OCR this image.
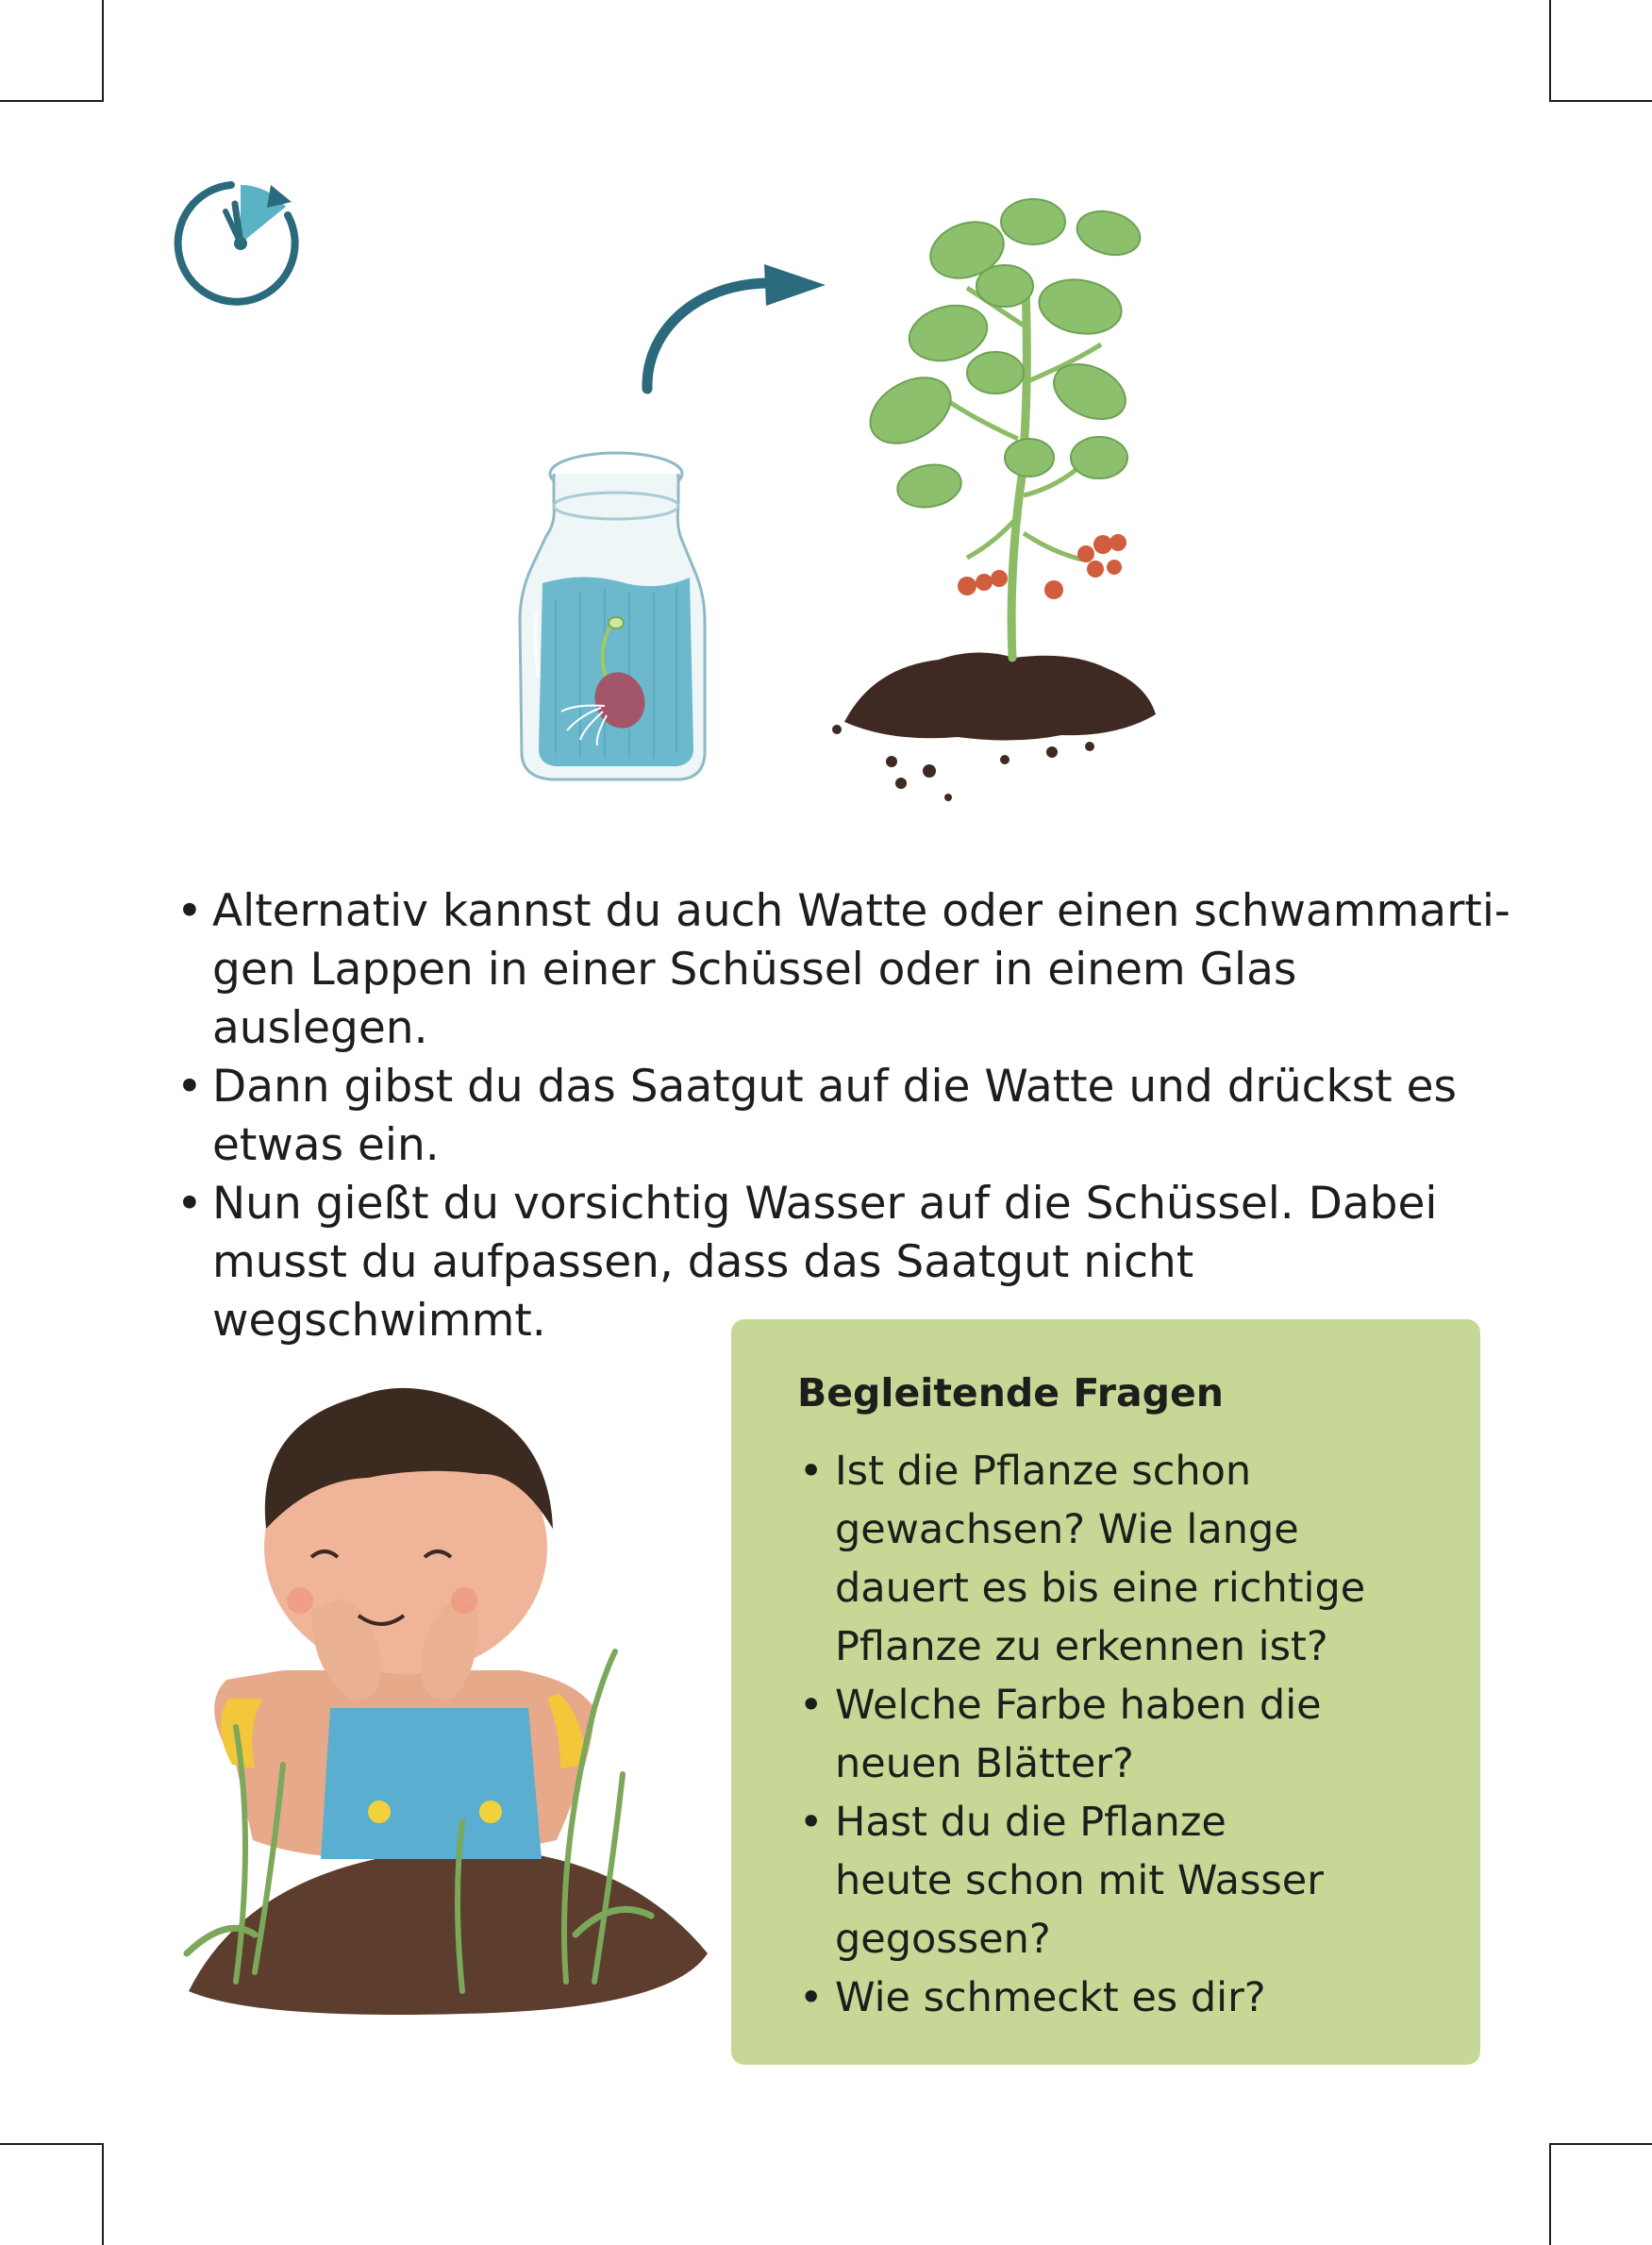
• Alternativ kannst du auch Watte oder einen schwammarti-
gen Lappen in einer Schüssel oder in einem Glas auslegen.
• Dann gibst du das Saatgut auf die Watte und drückst es
etwas ein.
• Nun gießt du vorsichtig Wasser auf die Schüssel. Dabei
musst du aufpassen, dass das Saatgut nicht wegschwimmt.
Begleitende Fragen
• Ist die Pflanze schon
gewachsen? Wie lange
dauert es bis eine richtige
Pflanze zu erkennen ist?
• Welche Farbe haben die
neuen Blätter?
• Hast du die Pflanze
heute schon mit Wasser
gegossen?
• Wie schmeckt es dir?
